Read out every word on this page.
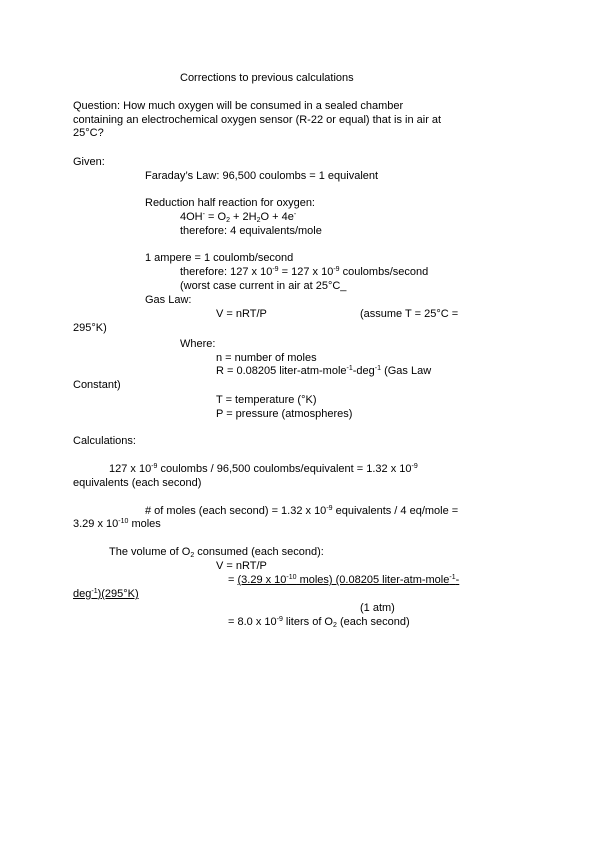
Corrections to previous calculations
Question: How much oxygen will be consumed in a sealed chamber
containing an electrochemical oxygen sensor (R-22 or equal) that is in air at
25°C?
Given:
Faraday’s Law: 96,500 coulombs = 1 equivalent
Reduction half reaction for oxygen:
$4OH^- = O_2 + 2H_2O + 4e^-$
therefore: 4 equivalents/mole
1 ampere = 1 coulomb/second
therefore: 127 x $10^{-9} = 127$ x $10^{-9}$ coulombs/second
(worst case current in air at 25°C_
Gas Law:
V = nRT/P	(assume T = 25°C =
295°K)
Where:
n = number of moles
R = 0.08205 liter-atm-mole$^{-1}$-deg$^{-1}$ (Gas Law
Constant)
T = temperature (°K)
P = pressure (atmospheres)
Calculations:
127 x $10^{-9}$ coulombs / 96,500 coulombs/equivalent = 1.32 x $10^{-9}$
equivalents (each second)
# of moles (each second) = 1.32 x $10^{-9}$ equivalents / 4 eq/mole =
3.29 x $10^{-10}$ moles
The volume of $O_2$ consumed (each second):
V = nRT/P
= (3.29 x $10^{-10}$ moles) (0.08205 liter-atm-mole$^{-1}$-
deg$^{-1}$)(295°K)
(1 atm)
= 8.0 x $10^{-9}$ liters of $O_2$ (each second)
